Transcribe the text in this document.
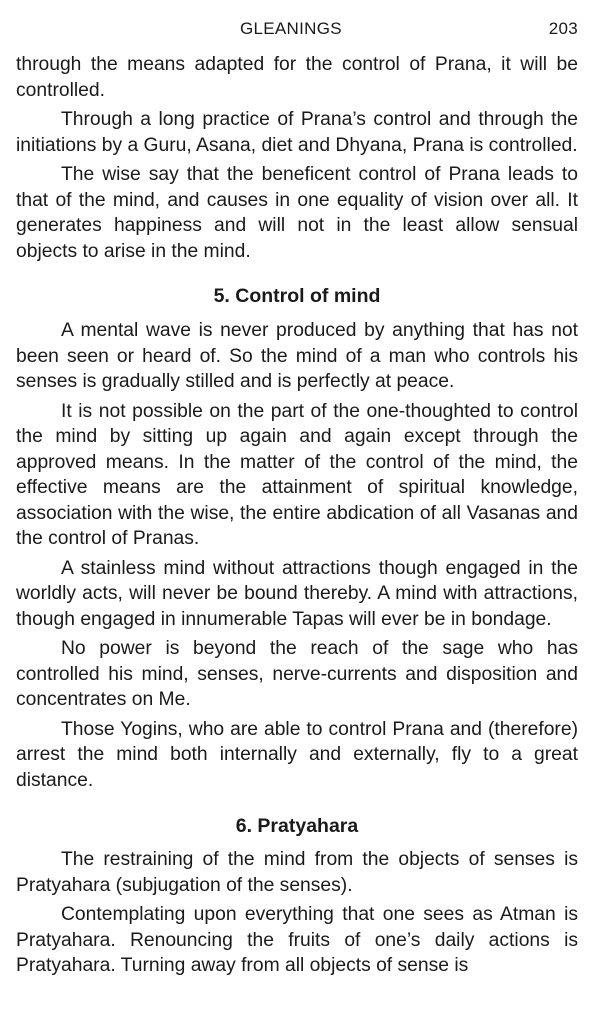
GLEANINGS	203

through the means adapted for the control of Prana, it will be controlled.

Through a long practice of Prana’s control and through the initiations by a Guru, Asana, diet and Dhyana, Prana is controlled.

The wise say that the beneficent control of Prana leads to that of the mind, and causes in one equality of vision over all. It generates happiness and will not in the least allow sensual objects to arise in the mind.

5. Control of mind

A mental wave is never produced by anything that has not been seen or heard of. So the mind of a man who controls his senses is gradually stilled and is perfectly at peace.

It is not possible on the part of the one-thoughted to control the mind by sitting up again and again except through the approved means. In the matter of the control of the mind, the effective means are the attainment of spiritual knowledge, association with the wise, the entire abdication of all Vasanas and the control of Pranas.

A stainless mind without attractions though engaged in the worldly acts, will never be bound thereby. A mind with attractions, though engaged in innumerable Tapas will ever be in bondage.

No power is beyond the reach of the sage who has controlled his mind, senses, nerve-currents and disposition and concentrates on Me.

Those Yogins, who are able to control Prana and (therefore) arrest the mind both internally and externally, fly to a great distance.

6. Pratyahara

The restraining of the mind from the objects of senses is Pratyahara (subjugation of the senses).

Contemplating upon everything that one sees as Atman is Pratyahara. Renouncing the fruits of one’s daily actions is Pratyahara. Turning away from all objects of sense is
